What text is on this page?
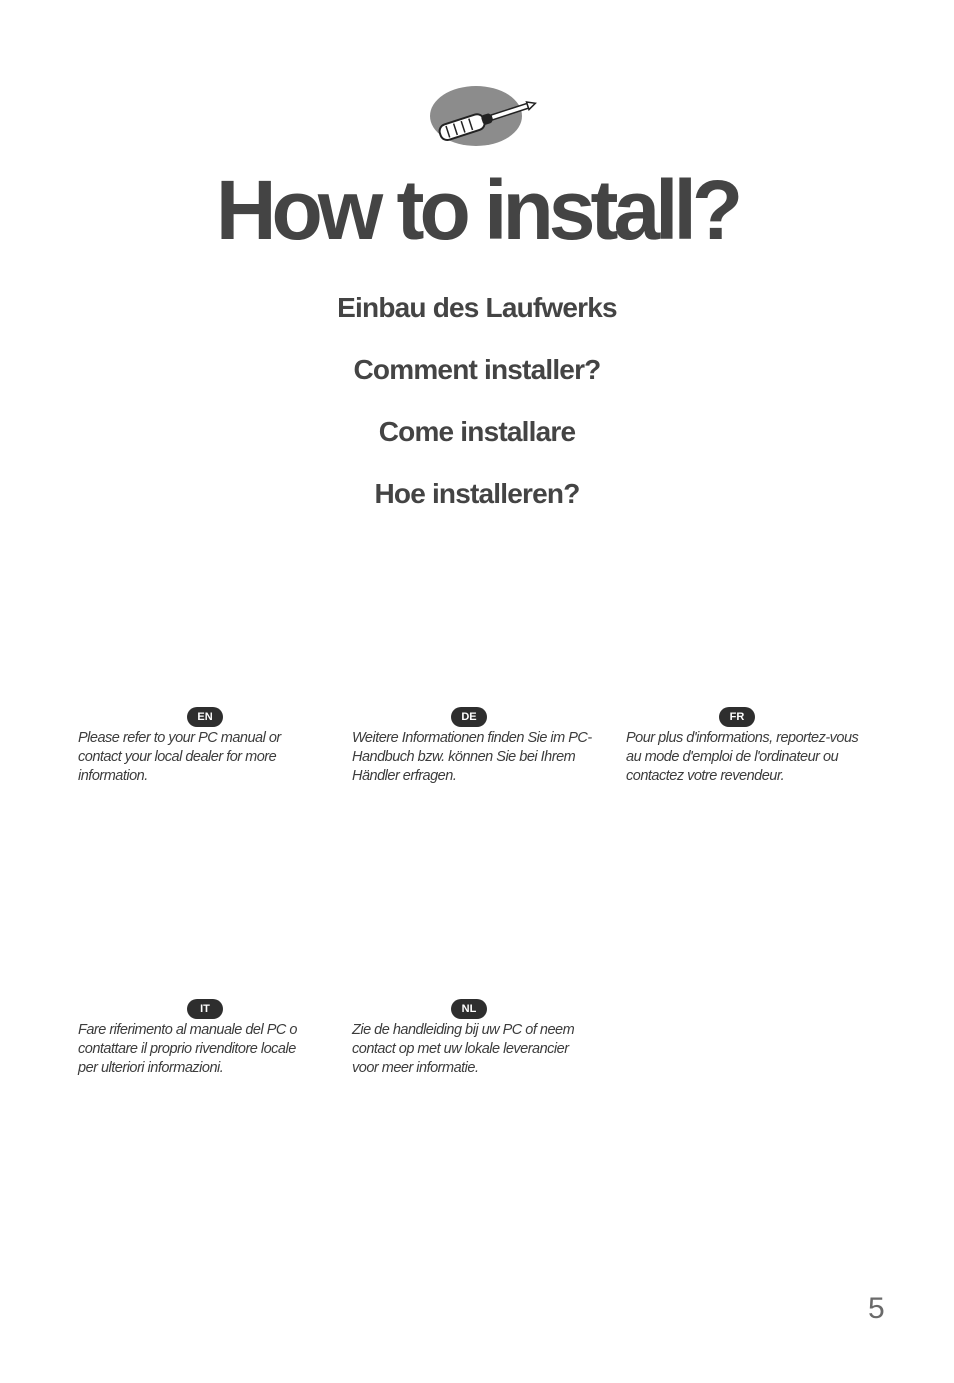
How to install?
Einbau des Laufwerks
Comment installer?
Come installare
Hoe installeren?
EN

Please refer to your PC manual or contact your local dealer for more information.

DE

Weitere Informationen finden Sie im PC-Handbuch bzw. können Sie bei Ihrem Händler erfragen.

FR

Pour plus d'informations, reportez-vous au mode d'emploi de l'ordinateur ou contactez votre revendeur.

IT

Fare riferimento al manuale del PC o contattare il proprio rivenditore locale per ulteriori informazioni.

NL

Zie de handleiding bij uw PC of neem contact op met uw lokale leverancier voor meer informatie.

5
